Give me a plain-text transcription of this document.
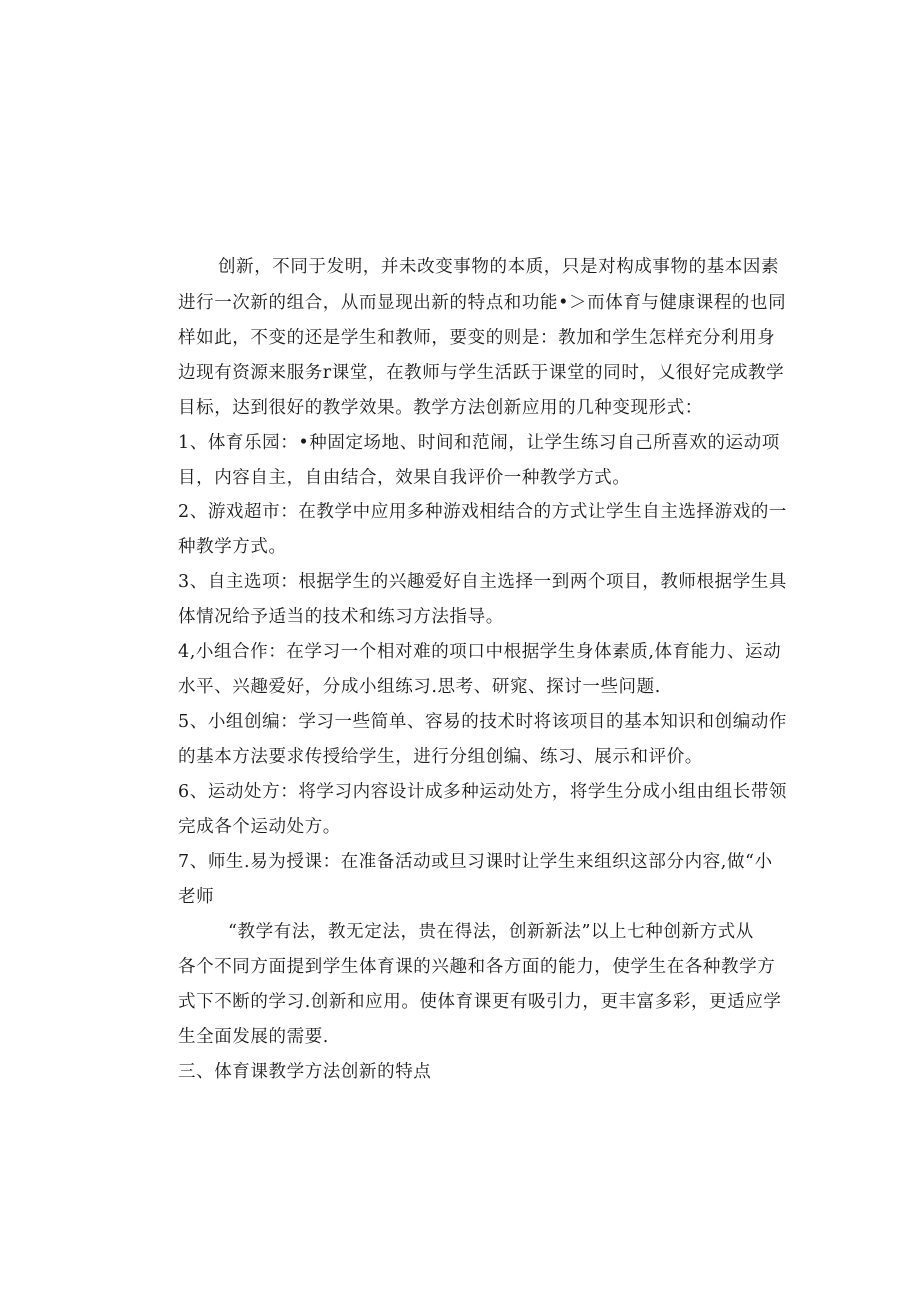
创新，不同于发明，并未改变事物的本质，只是对构成事物的基本因素
进行一次新的组合，从而显现出新的特点和功能•＞而体育与健康课程的也同
样如此，不变的还是学生和教师，要变的则是：教加和学生怎样充分利用身
边现有资源来服务r课堂，在教师与学生活跃于课堂的同时，乂很好完成教学
目标，达到很好的教学效果。教学方法创新应用的几种变现形式：
1、体育乐园：•种固定场地、时间和范闹，让学生练习自己所喜欢的运动项
目，内容自主，自由结合，效果自我评价一种教学方式。
2、游戏超市：在教学中应用多种游戏相结合的方式让学生自主选择游戏的一
种教学方式。
3、自主选项：根据学生的兴趣爱好自主选择一到两个项目，教师根据学生具
体情况给予适当的技术和练习方法指导。
4,小组合作：在学习一个相对难的项口中根据学生身体素质,体育能力、运动
水平、兴趣爱好，分成小组练习.思考、研窕、探讨一些问题.
5、小组创编：学习一些简单、容易的技术时将该项目的基本知识和创编动作
的基本方法要求传授给学生，进行分组创编、练习、展示和评价。
6、运动处方：将学习内容设计成多种运动处方，将学生分成小组由组长带领
完成各个运动处方。
7、师生.易为授课：在准备活动或旦习课时让学生来组织这部分内容,做“小
老师
“教学有法，教无定法，贵在得法，创新新法”以上七种创新方式从
各个不同方面提到学生体育课的兴趣和各方面的能力，使学生在各种教学方
式下不断的学习.创新和应用。使体育课更有吸引力，更丰富多彩，更适应学
生全面发展的需要.
三、体育课教学方法创新的特点
